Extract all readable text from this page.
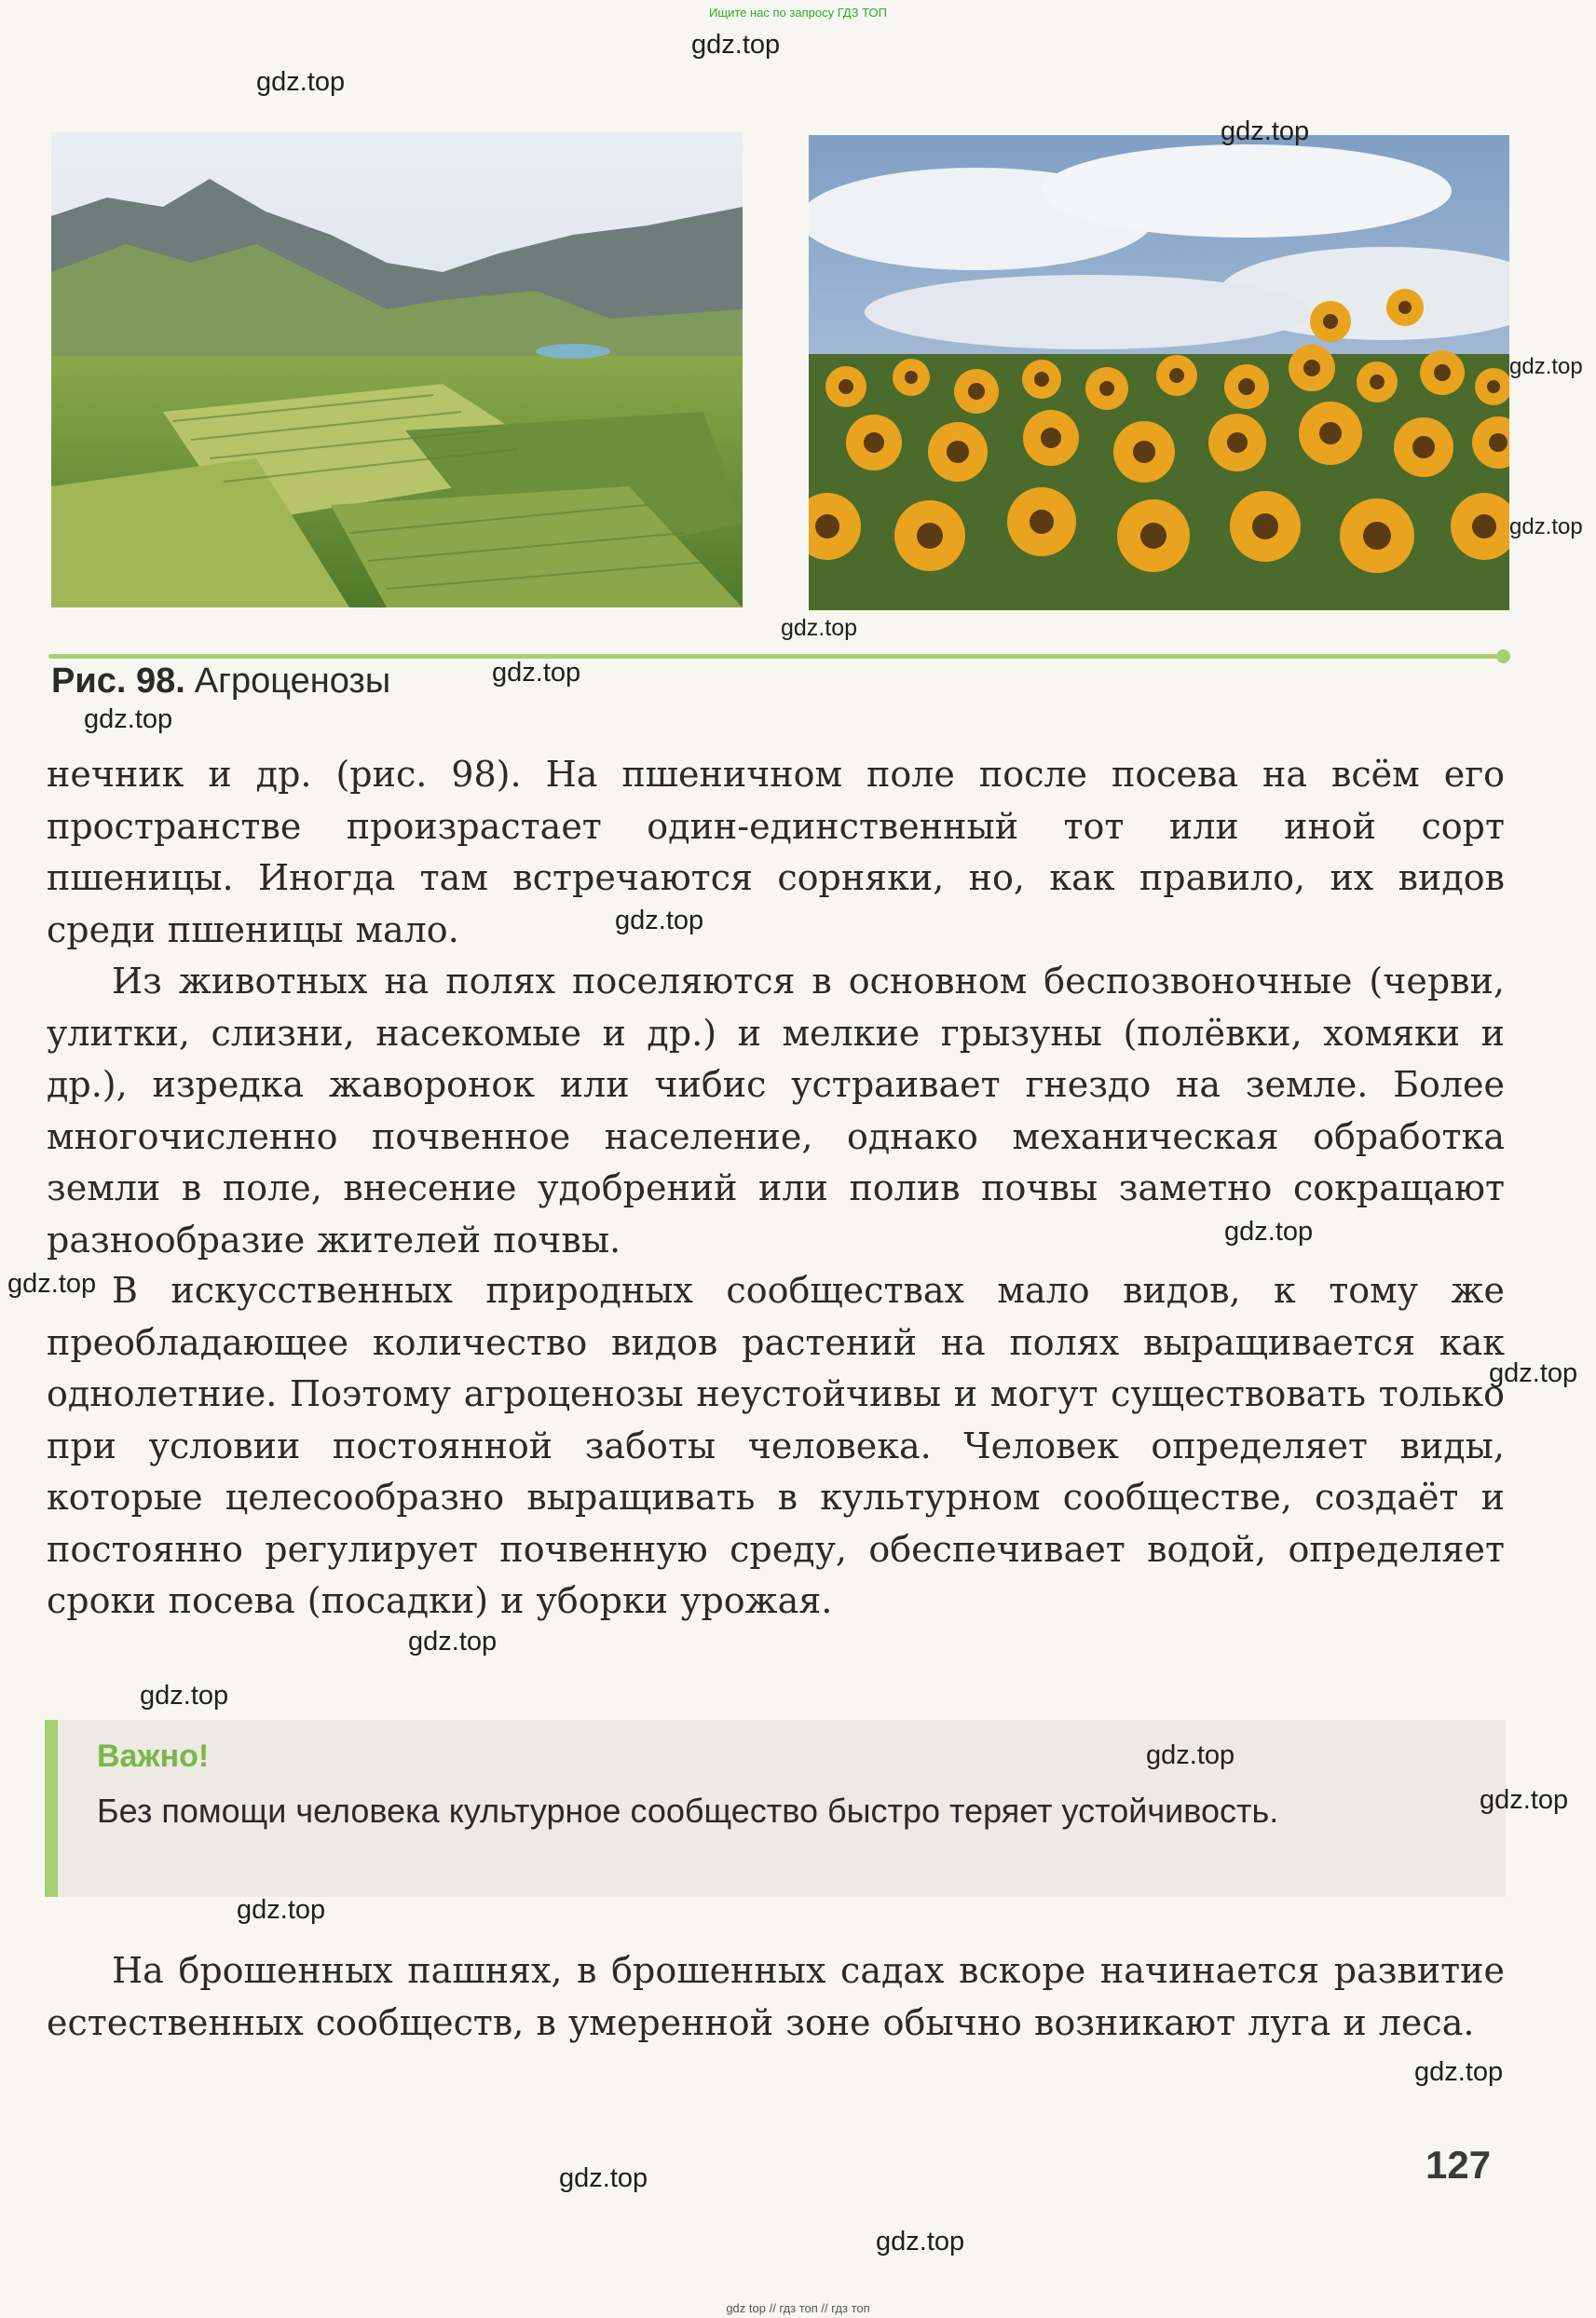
Ищите нас по запросу ГДЗ ТОП
Рис. 98. Агроценозы

нечник и др. (рис. 98). На пшеничном поле после посева на всём его пространстве произрастает один-единственный тот или иной сорт пшеницы. Иногда там встречаются сорняки, но, как правило, их видов среди пшеницы мало.

Из животных на полях поселяются в основном беспозвоночные (черви, улитки, слизни, насекомые и др.) и мелкие грызуны (полёвки, хомяки и др.), изредка жаворонок или чибис устраивает гнездо на земле. Более многочисленно почвенное население, однако механическая обработка земли в поле, внесение удобрений или полив почвы заметно сокращают разнообразие жителей почвы.

В искусственных природных сообществах мало видов, к тому же преобладающее количество видов растений на полях выращивается как однолетние. Поэтому агроценозы неустойчивы и могут существовать только при условии постоянной заботы человека. Человек определяет виды, которые целесообразно выращивать в культурном сообществе, создаёт и постоянно регулирует почвенную среду, обеспечивает водой, определяет сроки посева (посадки) и уборки урожая.

Важно!

Без помощи человека культурное сообщество быстро теряет устойчивость.

На брошенных пашнях, в брошенных садах вскоре начинается развитие естественных сообществ, в умеренной зоне обычно возникают луга и леса.

127
gdz.top
gdz.top
gdz.top
gdz.top
gdz.top
gdz.top
gdz.top
gdz.top
gdz.top
gdz.top
gdz.top
gdz.top
gdz.top
gdz.top
gdz.top
gdz.top
gdz.top
gdz.top
gdz.top
gdz.top
gdz top // гдз топ // гдз топ
